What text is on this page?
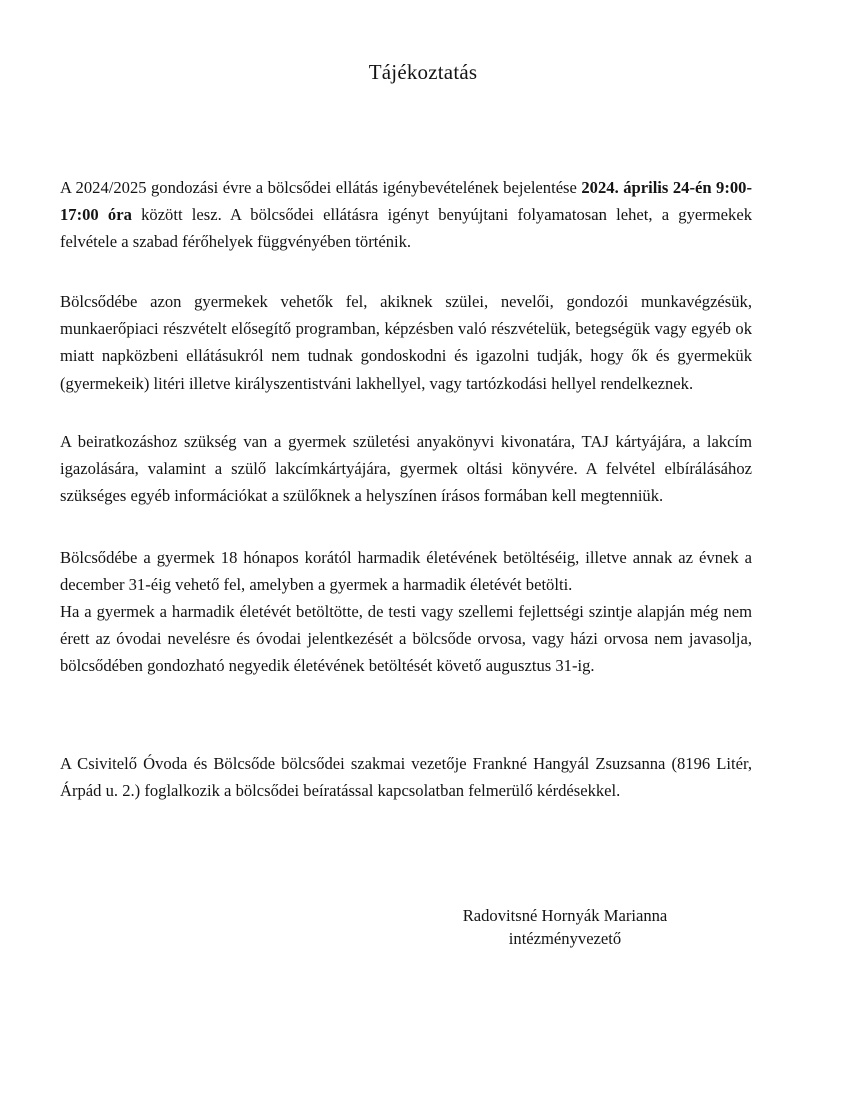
Tájékoztatás

A 2024/2025 gondozási évre a bölcsődei ellátás igénybevételének bejelentése 2024. április 24-én 9:00-17:00 óra között lesz. A bölcsődei ellátásra igényt benyújtani folyamatosan lehet, a gyermekek felvétele a szabad férőhelyek függvényében történik.

Bölcsődébe azon gyermekek vehetők fel, akiknek szülei, nevelői, gondozói munkavégzésük, munkaerőpiaci részvételt elősegítő programban, képzésben való részvételük, betegségük vagy egyéb ok miatt napközbeni ellátásukról nem tudnak gondoskodni és igazolni tudják, hogy ők és gyermekük (gyermekeik) litéri illetve királyszentistváni lakhellyel, vagy tartózkodási hellyel rendelkeznek.

A beiratkozáshoz szükség van a gyermek születési anyakönyvi kivonatára, TAJ kártyájára, a lakcím igazolására, valamint a szülő lakcímkártyájára, gyermek oltási könyvére. A felvétel elbírálásához szükséges egyéb információkat a szülőknek a helyszínen írásos formában kell megtenniük.

Bölcsődébe a gyermek 18 hónapos korától harmadik életévének betöltéséig, illetve annak az évnek a december 31-éig vehető fel, amelyben a gyermek a harmadik életévét betölti.

Ha a gyermek a harmadik életévét betöltötte, de testi vagy szellemi fejlettségi szintje alapján még nem érett az óvodai nevelésre és óvodai jelentkezését a bölcsőde orvosa, vagy házi orvosa nem javasolja, bölcsődében gondozható negyedik életévének betöltését követő augusztus 31-ig.

A Csivitelő Óvoda és Bölcsőde bölcsődei szakmai vezetője Frankné Hangyál Zsuzsanna (8196 Litér, Árpád u. 2.) foglalkozik a bölcsődei beíratással kapcsolatban felmerülő kérdésekkel.

Radovitsné Hornyák Marianna
intézményvezető
